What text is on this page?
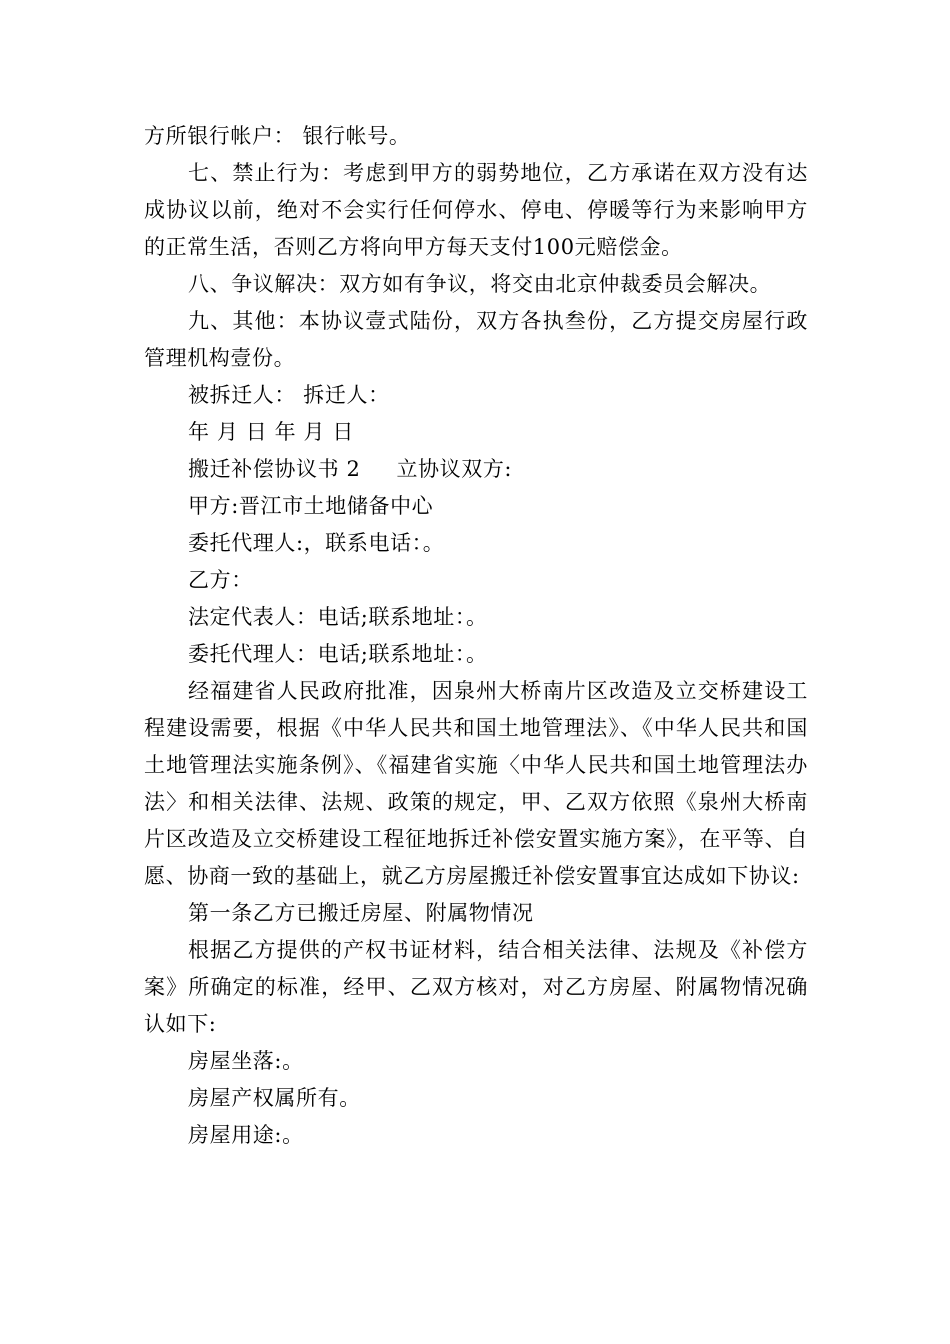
方所银行帐户： 银行帐号。

七、禁止行为：考虑到甲方的弱势地位，乙方承诺在双方没有达成协议以前，绝对不会实行任何停水、停电、停暖等行为来影响甲方的正常生活，否则乙方将向甲方每天支付100元赔偿金。

八、争议解决：双方如有争议，将交由北京仲裁委员会解决。

九、其他：本协议壹式陆份，双方各执叁份，乙方提交房屋行政管理机构壹份。

被拆迁人： 拆迁人：

年 月 日 年 月 日

搬迁补偿协议书 2 立协议双方:

甲方:晋江市土地储备中心

委托代理人:，联系电话：。

乙方：

法定代表人：电话;联系地址：。

委托代理人：电话;联系地址：。

经福建省人民政府批准，因泉州大桥南片区改造及立交桥建设工程建设需要，根据《中华人民共和国土地管理法》、《中华人民共和国土地管理法实施条例》、《福建省实施〈中华人民共和国土地管理法办法〉和相关法律、法规、政策的规定，甲、乙双方依照《泉州大桥南片区改造及立交桥建设工程征地拆迁补偿安置实施方案》，在平等、自愿、协商一致的基础上，就乙方房屋搬迁补偿安置事宜达成如下协议:

第一条乙方已搬迁房屋、附属物情况

根据乙方提供的产权书证材料，结合相关法律、法规及《补偿方案》所确定的标准，经甲、乙双方核对，对乙方房屋、附属物情况确认如下:

房屋坐落:。

房屋产权属所有。

房屋用途:。
